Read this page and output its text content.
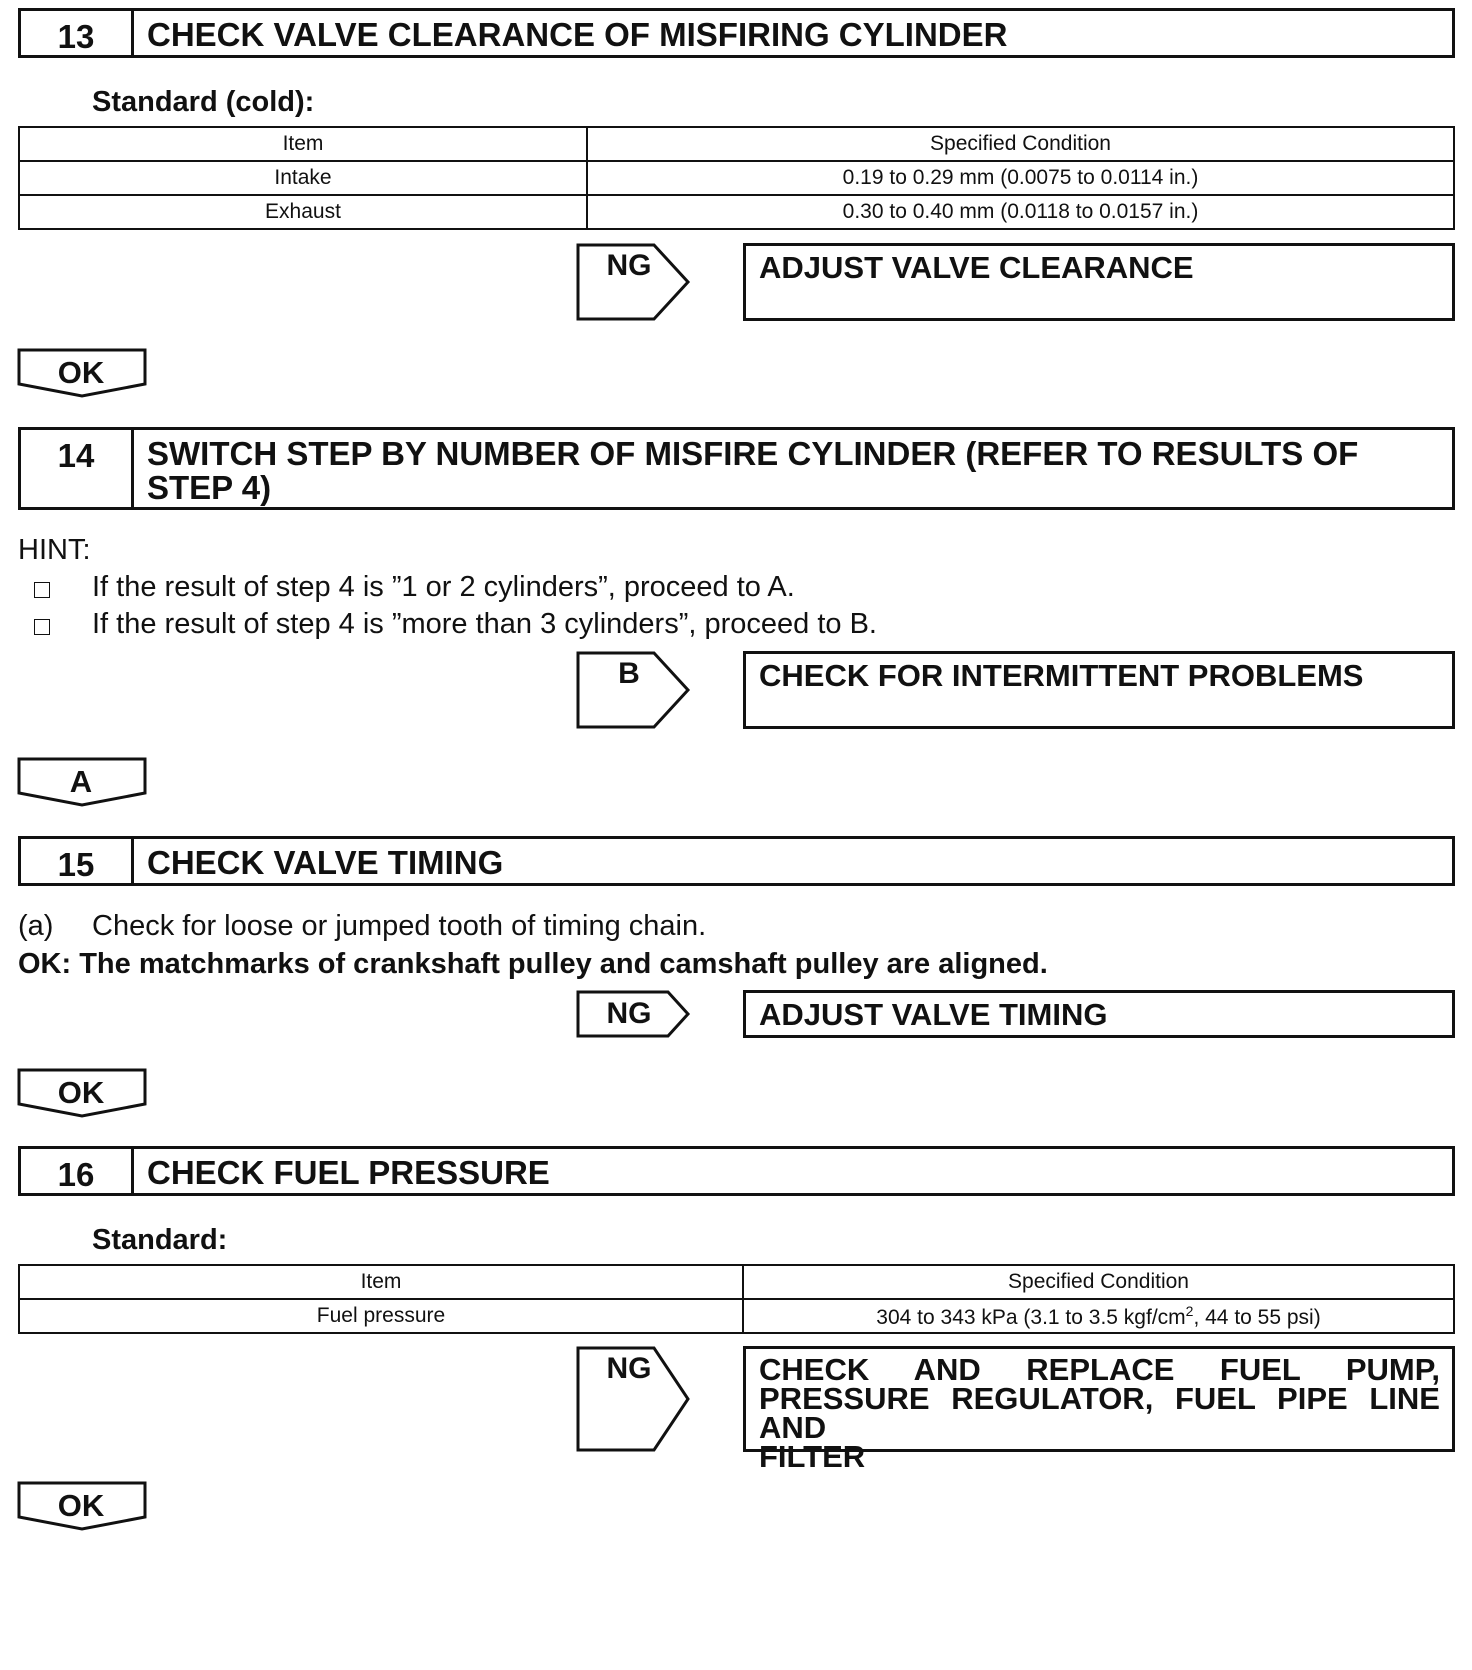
13	CHECK VALVE CLEARANCE OF MISFIRING CYLINDER
Standard (cold):
Item	Specified Condition
Intake	0.19 to 0.29 mm (0.0075 to 0.0114 in.)
Exhaust	0.30 to 0.40 mm (0.0118 to 0.0157 in.)
NG	ADJUST VALVE CLEARANCE
OK
14	SWITCH STEP BY NUMBER OF MISFIRE CYLINDER (REFER TO RESULTS OF
STEP 4)
HINT:
If the result of step 4 is ”1 or 2 cylinders”, proceed to A.
If the result of step 4 is ”more than 3 cylinders”, proceed to B.
B	CHECK FOR INTERMITTENT PROBLEMS
A
15	CHECK VALVE TIMING
(a) Check for loose or jumped tooth of timing chain.
OK: The matchmarks of crankshaft pulley and camshaft pulley are aligned.
NG	ADJUST VALVE TIMING
OK
16	CHECK FUEL PRESSURE
Standard:
Item	Specified Condition
Fuel pressure	304 to 343 kPa (3.1 to 3.5 kgf/$cm^2$, 44 to 55 psi)
NG	CHECK AND REPLACE FUEL PUMP,
PRESSURE REGULATOR, FUEL PIPE LINE AND
FILTER
OK
